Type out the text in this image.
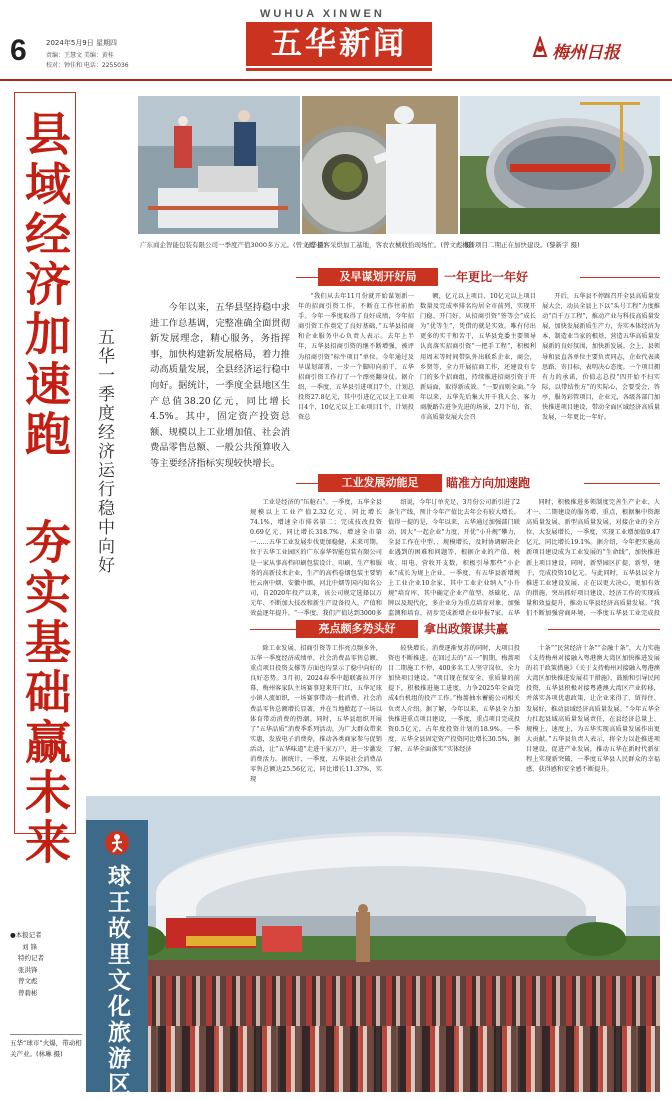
6	2024年5月9日 星期四
责编：王慧文 美编：黄桂
校对：钟佳和 电话：2255036
WUHUA XINWEN
五华新闻	梅州日报
县域经济加速跑 夯实基础赢未来 五华一季度经济运行稳中向好
广东商企智能包装有限公司一季度产值3000多万元。(曾文彪 摄)
五华县客采烘加工基地，客农农械收拾现场忙。(曾文彪 摄)
梅蔷项目二期正在加快建设。(黎新宇 摄)
今年以来，五华县坚持稳中求进工作总基调，完整准确全面贯彻新发展理念，精心服务，务指挥事，加快构建新发展格局，着力推动高质量发展，全县经济运行稳中向好。据统计，一季度全县地区生产总值38.20亿元，同比增长4.5%。其中，固定资产投资总额、规模以上工业增加值、社会消费品零售总额、一般公共预算收入等主要经济指标实现较快增长。
及早谋划开好局	一年更比一年好
“我们从去年11月份就开始谋划新一年的招商引资工作，不断在工作往前抬手。今年一季度取得了良好成绩，今年招商引资工作奠定了良好基础，”五华县招商和企业服务中心负责人表示。去年上半年，五华县招商引资的继不断增强，被评为招商引资“标牛项目”单位。今年通过及早谋划部署，一步一个脚印向前干，五华招商引资工作打了一个漂亮翻身仗。据介绍，一季度，五华县引进项目7个，计划总投资27.8亿元，其中引进亿元以上工业项目4个，10亿元以上工业项目1个，计划投资总
额，亿元以上项目、10亿元以上项目数量及完成率排名均居全市前列，实现开门稳、开门好。从招商引资“签等会”成长为“优等生”，凭借的就是实效。唯有付出更多的实干和苦干，五华县党委主要领导认真落实招商引资“一把手工程”，积极利用周末等时间带队外出联系企业，商会，乡贤等，全力开展招商工作，还建设有专门的多个招商组，持续推进招商引资于开新局面，取得新成效。“一要而则全面。”今年以来，五华先后集大开千我人会、客力商脱路告进争先进的场景，2月下旬，省、市高质量发展大会召
开后，五华县不停蹄召开全县高质量发展大会，动员全县上下以“头号工程”力度推动“百千万工程”，推动产业与科技高质量发展，加快发展新质生产力，夯实本体经济为本，制造业当家的根基，营造五华高质量发展新的良好氛围，加快新发展。会上，县领导和县直各单位主要负责同志，企业代表谈思路、寄目标，表明决心态度。一个项目拥有力的承诺，价值志总投“四开始不扫实际，以带结性方”的实际心，会要受会，答亭，服务彩管项目，企业元，各级各部门加快推进项目建设，带动全面区域经济高质量发展，一年更比一年好。
工业发展动能足	瞄准方向加速跑
工业是经济的“压舱石”。一季度，五华全县规模以上工业产值2.32亿元，同比增长74.1%，增速全市排名第二；完成技改投资0.69亿元，同比增长318.7%，增速全市第一……五华工业发展步伐更加稳健，未来可期。位于五华工业园区的广东泰华智能包装有限公司是一家从事高档印刷包装设计、印刷、生产和服务的高新技术企业，生产的高档卷烟包装主要销往云南中烟、安徽中烟、河北中烟等国内知名公司，自2020年投产以来，该公司规定选择以万元年、不断加大技改和新生产设备投入，产值和效益逐年提升。“一季度，我们产值达到3000多
绍说，今年订单充足，3月份公司新引进了2条生产线，预计今年产值比去年会有较大增长。值得一提的是，今年以来，五华通过加强部门联动、因大“一起企业”力度、开优“小升规”攀力，全县工作在中型、、规模增长，及时协调解决企业遇到的困难和问题等，根据企业的产值、税收、用电、营收开支数，积极引导那些“小企业”成长为规上企业，一季度，有五华县新增规上工业企业10余家，其中工业企业纳入“小升规”培育库，其中确定企业产值型、基础化、品牌以及现代化，多企业分为重点培育对象，加强监测和培育，初步完成新增企业申报7家。五华
同时，积极推进多领制度完善生产企业、人才一、二期建设的服务增、重点，根据集中资源高质量发展，新型高质量发展，对接企业的全方位、大发展增长，一季度，实现工业增加值9.47亿元，同比增长19.1%。据介绍，今年把实施高新项目建设成为工业发展的“生命线”，加快推进新上项目建设，同时，新型园区扩提，新型，建于，完成投资10亿元。与此同时，五华县以全力推进工业建设发展，正在以更大决心、更加有效的措施，突出抓好项目建设、经济工作的实现质量和效益提升，推动五华县经济高质量发展。“我们不断加强营商环境，一季度五华县工业完成投
亮点颇多势头好	拿出政策谋共赢
除工业发展、招商引资等工作亮点频多外，五华一季度经济成绩单，社会消费品零售总额、重点项目投资支撑等方面也均显示了稳中向好的良好态势。3月初，2024春季中超联赛拉开序幕，梅州客家队主场赛事迎来开门红，五华足球小镇人流如织，一场赛事带动一批消费，社会消费品零售总额增长显著，并在当地掀起了一场以体育带动消费的热潮。同时，五华县组织开展了“五华品质”消费季系列活动，为广大群众带来实惠，发放电子消费券，推动各类商家参与促销活动，让“五华味道”走进千家万户，进一步激发消费活力。据统计，一季度，五华县社会消费品零售总额达25.56亿元，同比增长11.37%，实现
较快增长。消费逐渐复苏的同时，大项目投资也不断推进。在回过去的“五一”假期，梅蔷项目二期施工不停，400多名工人坚守岗位，全力加快项目建设。“项目现在保安全、重质量的前提下，积极推进施工进度，力争2025年全面完成4台机组的投产工作。”梅蔷抽水蓄能公司相关负责人介绍。据了解，今年以来，五华县全力加快推进重点项目建设，一季度，重点项目完成投资0.5亿元，占年度投资计划的18.9%。一季度，五华全县固定资产投资同比增长30.5%，据了解，五华全面落实“实体经济
十条”“民营经济十条”“金融十条”，大力实施《支持梅州对接融入粤港澳大湾区加快推进发展的若干政策措施》《关于支持梅州对接融入粤港澳大湾区加快推进发展若干措施》，鼓励和引导民间投资，五华县积极对接粤港澳大湾区产业转移，并落实各项优惠政策，让企业来得了、留得住、发展好，推动县域经济高质量发展。“今年五华全力扛起县域高质量发展责任，在县经济总量上、规模上、速度上，为五华实现高质量发展作出更大贡献。”五华县负责人表示，将全力以赴推进项目建设，促进产业发展，推动五华在新时代新征程上实现新突破，一季度五华县人民群众的幸福感、获得感和安全感不断提升。
球王故里文化旅游区
●本报记者
刘 锋
特约记者
张洪锋
曾文彪
曾碧彬
五华“球市”火爆，带动相关产业。(林琳 摄)
